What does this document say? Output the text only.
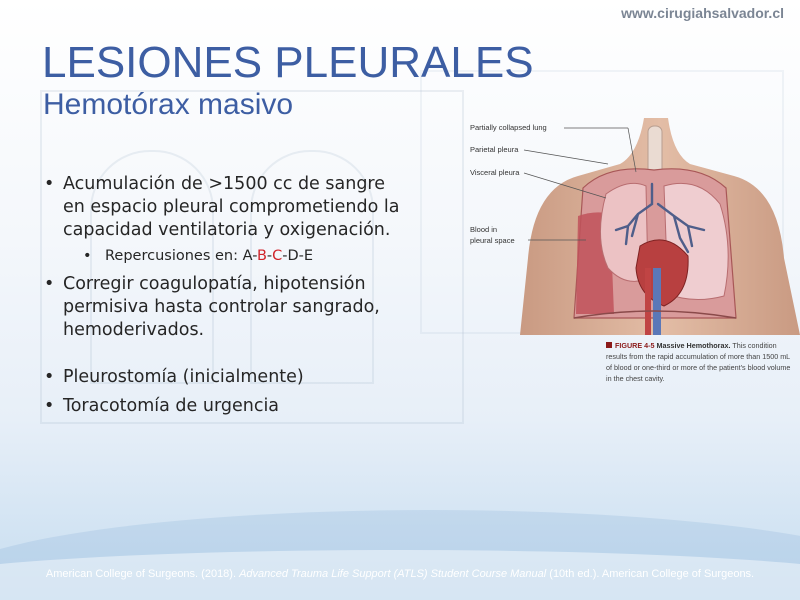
www.cirugiahsalvador.cl
LESIONES PLEURALES
Hemotórax masivo
• Acumulación de >1500 cc de sangre en espacio pleural comprometiendo la capacidad ventilatoria y oxigenación.
• Repercusiones en: A-B-C-D-E
• Corregir coagulopatía, hipotensión permisiva hasta controlar sangrado, hemoderivados.
• Pleurostomía (inicialmente)
• Toracotomía de urgencia
Partially collapsed lung
Parietal pleura
Visceral pleura
Blood in
pleural space
FIGURE 4-5 Massive Hemothorax. This condition results from the rapid accumulation of more than 1500 mL of blood or one-third or more of the patient's blood volume in the chest cavity.
American College of Surgeons. (2018). Advanced Trauma Life Support (ATLS) Student Course Manual (10th ed.). American College of Surgeons.
